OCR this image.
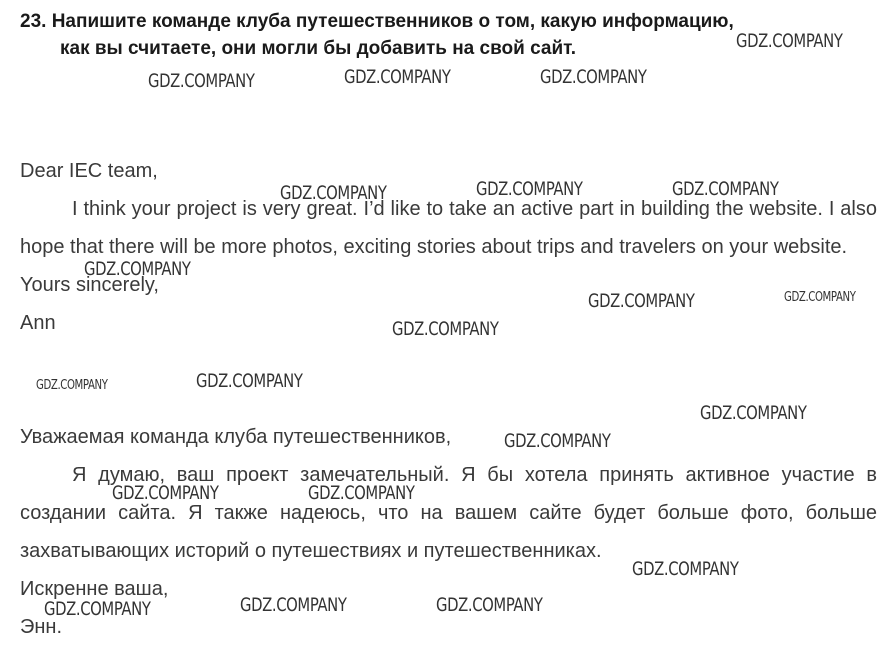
23. Напишите команде клуба путешественников о том, какую информацию,
как вы считаете, они могли бы добавить на свой сайт.

Dear IEC team,

I think your project is very great. I’d like to take an active part in building the website. I also hope that there will be more photos, exciting stories about trips and travelers on your website.

Yours sincerely,

Ann

Уважаемая команда клуба путешественников,

Я думаю, ваш проект замечательный. Я бы хотела принять активное участие в создании сайта. Я также надеюсь, что на вашем сайте будет больше фото, больше захватывающих историй о путешествиях и путешественниках.

Искренне ваша,

Энн.

GDZ.COMPANY
GDZ.COMPANY	GDZ.COMPANY	GDZ.COMPANY
GDZ.COMPANY	GDZ.COMPANY	GDZ.COMPANY
GDZ.COMPANY
GDZ.COMPANY	GDZ.COMPANY
GDZ.COMPANY
GDZ.COMPANY	GDZ.COMPANY
GDZ.COMPANY
GDZ.COMPANY
GDZ.COMPANY	GDZ.COMPANY
GDZ.COMPANY
GDZ.COMPANY	GDZ.COMPANY	GDZ.COMPANY
